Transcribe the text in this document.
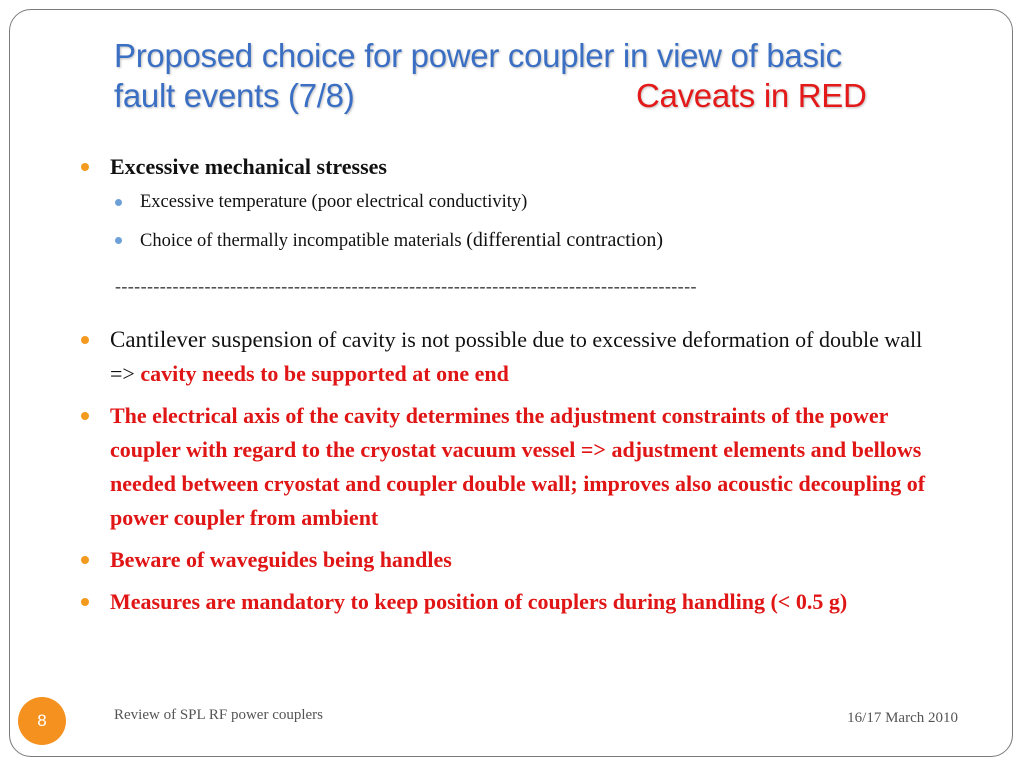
Proposed choice for power coupler in view of basic
fault events (7/8)	Caveats in RED
Excessive mechanical stresses
Excessive temperature (poor electrical conductivity)
Choice of thermally incompatible materials (differential contraction)
Cantilever suspension of cavity is not possible due to excessive deformation of double wall => cavity needs to be supported at one end
The electrical axis of the cavity determines the adjustment constraints of the power coupler with regard to the cryostat vacuum vessel => adjustment elements and bellows needed between cryostat and coupler double wall; improves also acoustic decoupling of power coupler from ambient
Beware of waveguides being handles
Measures are mandatory to keep position of couplers during handling (< 0.5 g)
-------------------------------------------------------------------------------------------
8	Review of SPL RF power couplers	16/17 March 2010
